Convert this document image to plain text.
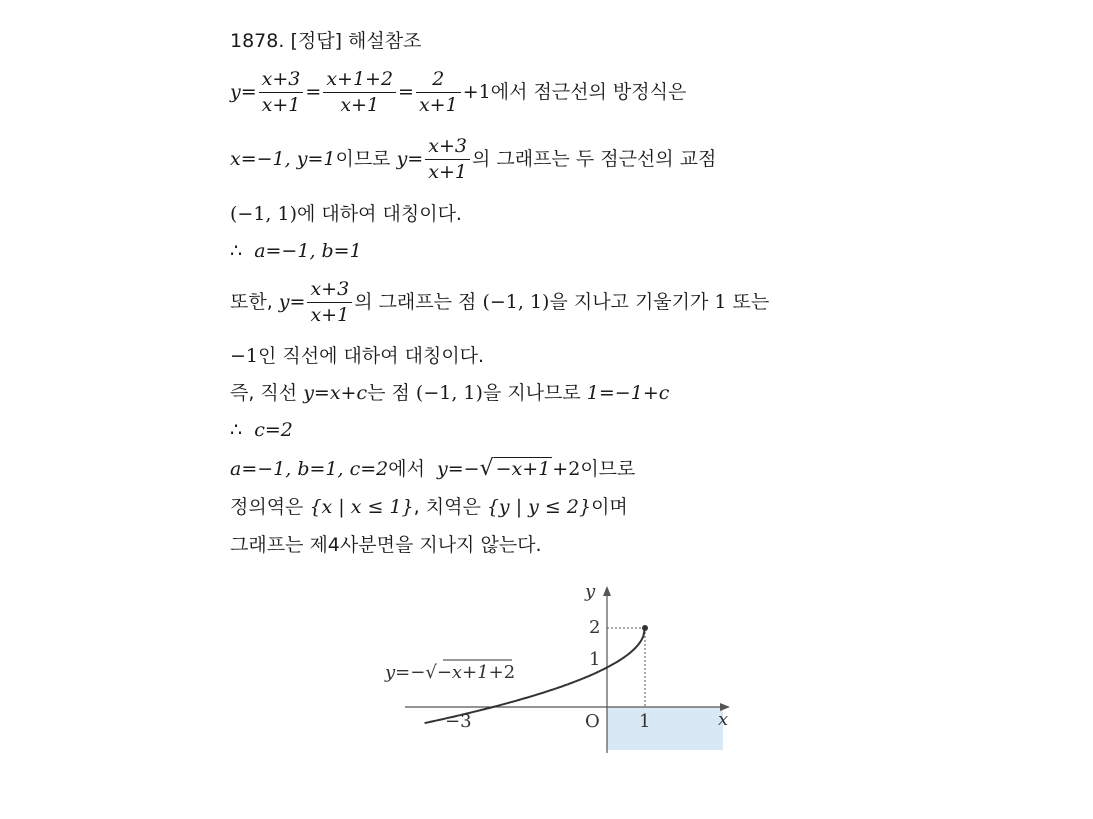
1878. [정답] 해설참조
$y= \frac{x+3}{x+1} = \frac{x+1+2}{x+1} = \frac{2}{x+1} +1$에서 점근선의 방정식은
x=−1, y=1이므로 $y= \frac{x+3}{x+1}$ 의 그래프는 두 점근선의 교점
(−1, 1)에 대하여 대칭이다.
∴ a=−1, b=1
또한, $y= \frac{x+3}{x+1}$ 의 그래프는 점 (−1, 1)을 지나고 기울기가 1 또는
−1인 직선에 대하여 대칭이다.
즉, 직선 y=x+c는 점 (−1, 1)을 지나므로 1=−1+c
∴ c=2
a=−1, b=1, c=2에서  y=−√ −x+1 +2이므로
정의역은 {x | x ≤ 1}, 치역은 {y | y ≤ 2}이며
그래프는 제4사분면을 지나지 않는다.
y
x
O
−3	1
1
2
y=−√−x+1+2
